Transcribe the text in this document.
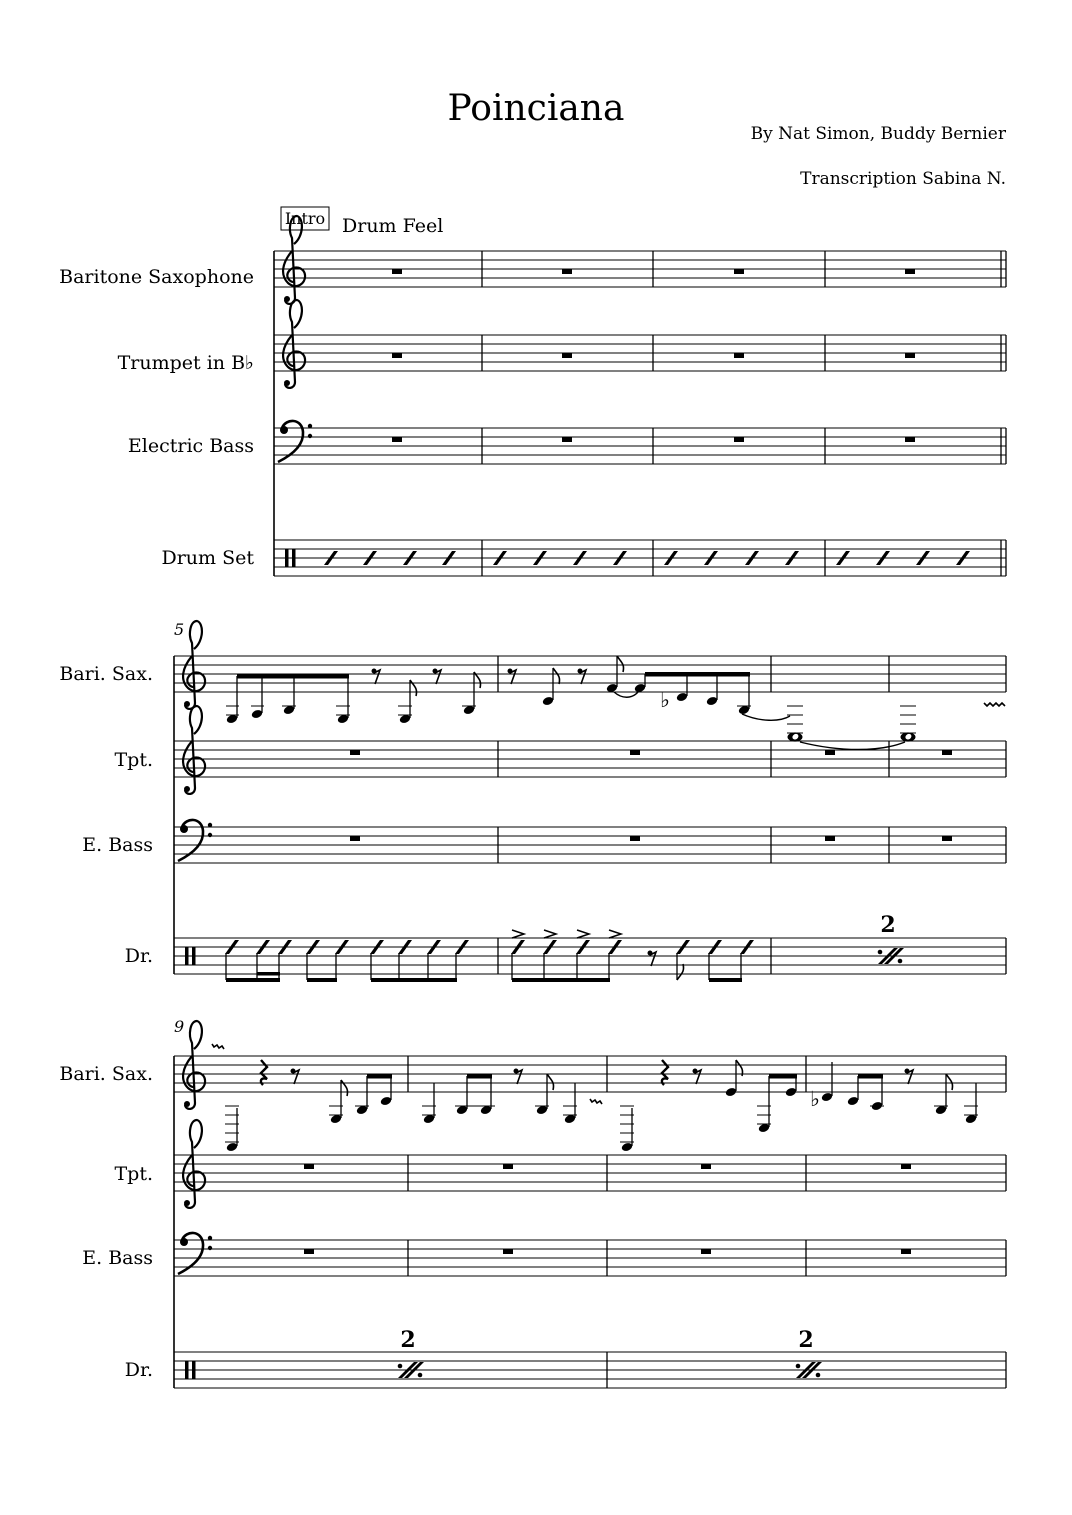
Poinciana
By Nat Simon, Buddy Bernier
Transcription Sabina N.
Intro Drum Feel
Baritone Saxophone
Trumpet in B♭
Electric Bass
Drum Set
5
Bari. Sax.
Tpt.
E. Bass
Dr.
♭
2
9
Bari. Sax.
Tpt.
E. Bass
Dr.
♭
2	2
